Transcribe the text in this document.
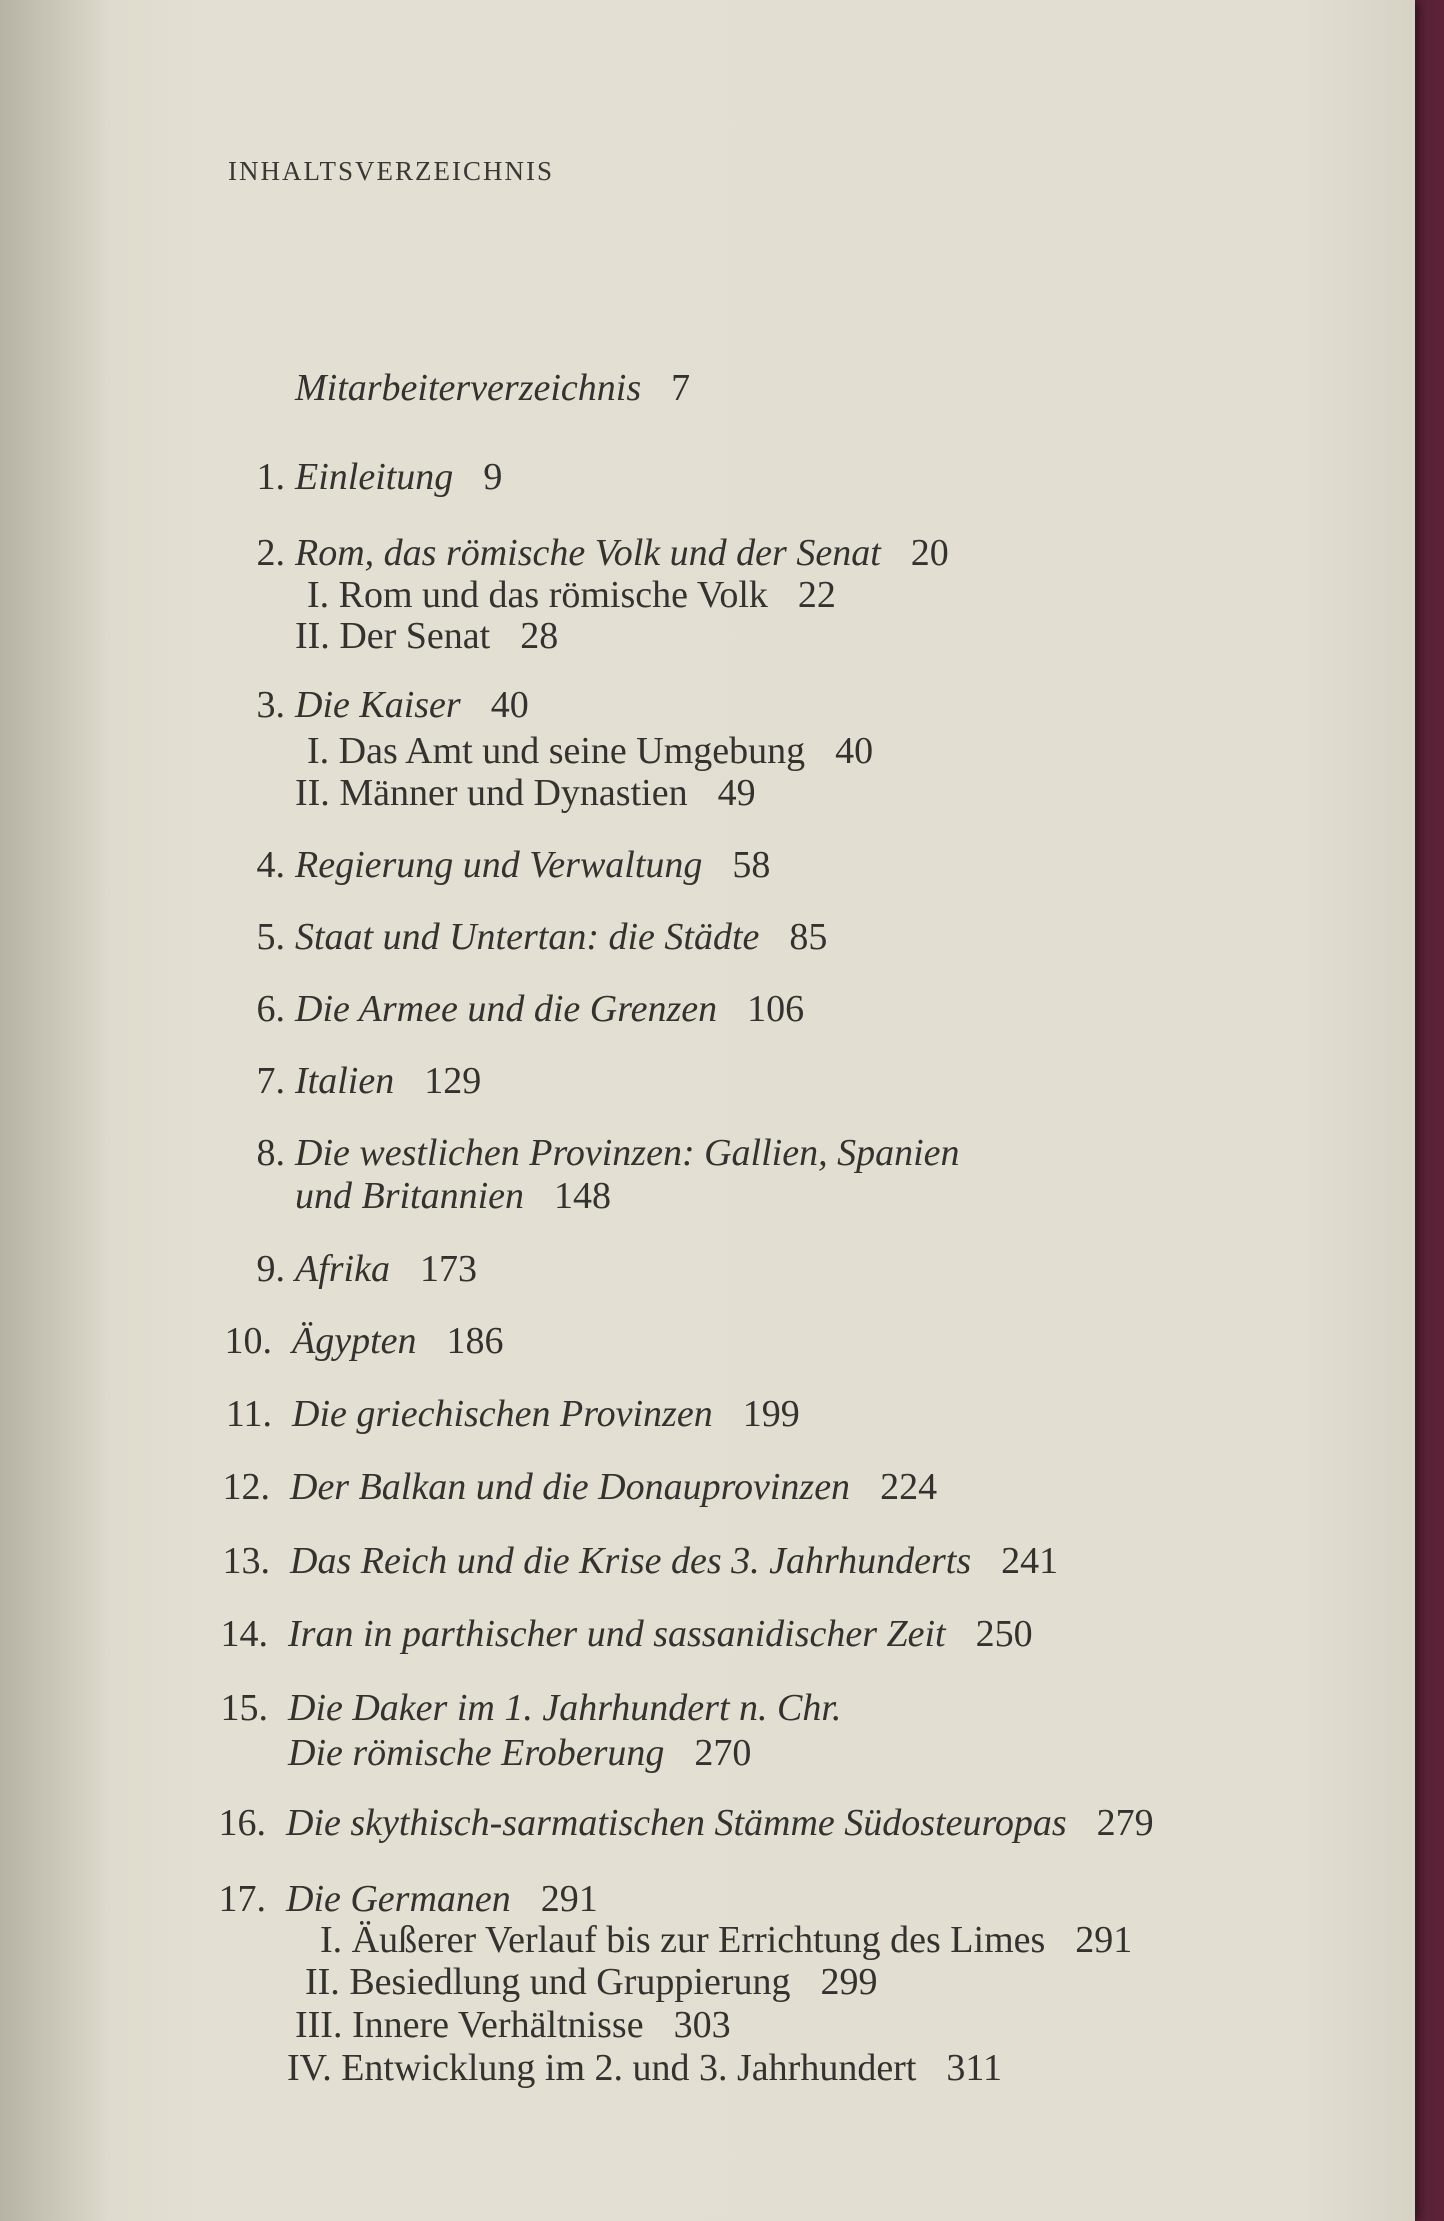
INHALTSVERZEICHNIS
Mitarbeiterverzeichnis 7
1. Einleitung 9
2. Rom, das römische Volk und der Senat 20
I. Rom und das römische Volk 22
II. Der Senat 28
3. Die Kaiser 40
I. Das Amt und seine Umgebung 40
II. Männer und Dynastien 49
4. Regierung und Verwaltung 58
5. Staat und Untertan: die Städte 85
6. Die Armee und die Grenzen 106
7. Italien 129
8. Die westlichen Provinzen: Gallien, Spanien
und Britannien 148
9. Afrika 173
10. Ägypten 186
11. Die griechischen Provinzen 199
12. Der Balkan und die Donauprovinzen 224
13. Das Reich und die Krise des 3. Jahrhunderts 241
14. Iran in parthischer und sassanidischer Zeit 250
15. Die Daker im 1. Jahrhundert n. Chr.
Die römische Eroberung 270
16. Die skythisch-sarmatischen Stämme Südosteuropas 279
17. Die Germanen 291
I. Äußerer Verlauf bis zur Errichtung des Limes 291
II. Besiedlung und Gruppierung 299
III. Innere Verhältnisse 303
IV. Entwicklung im 2. und 3. Jahrhundert 311
